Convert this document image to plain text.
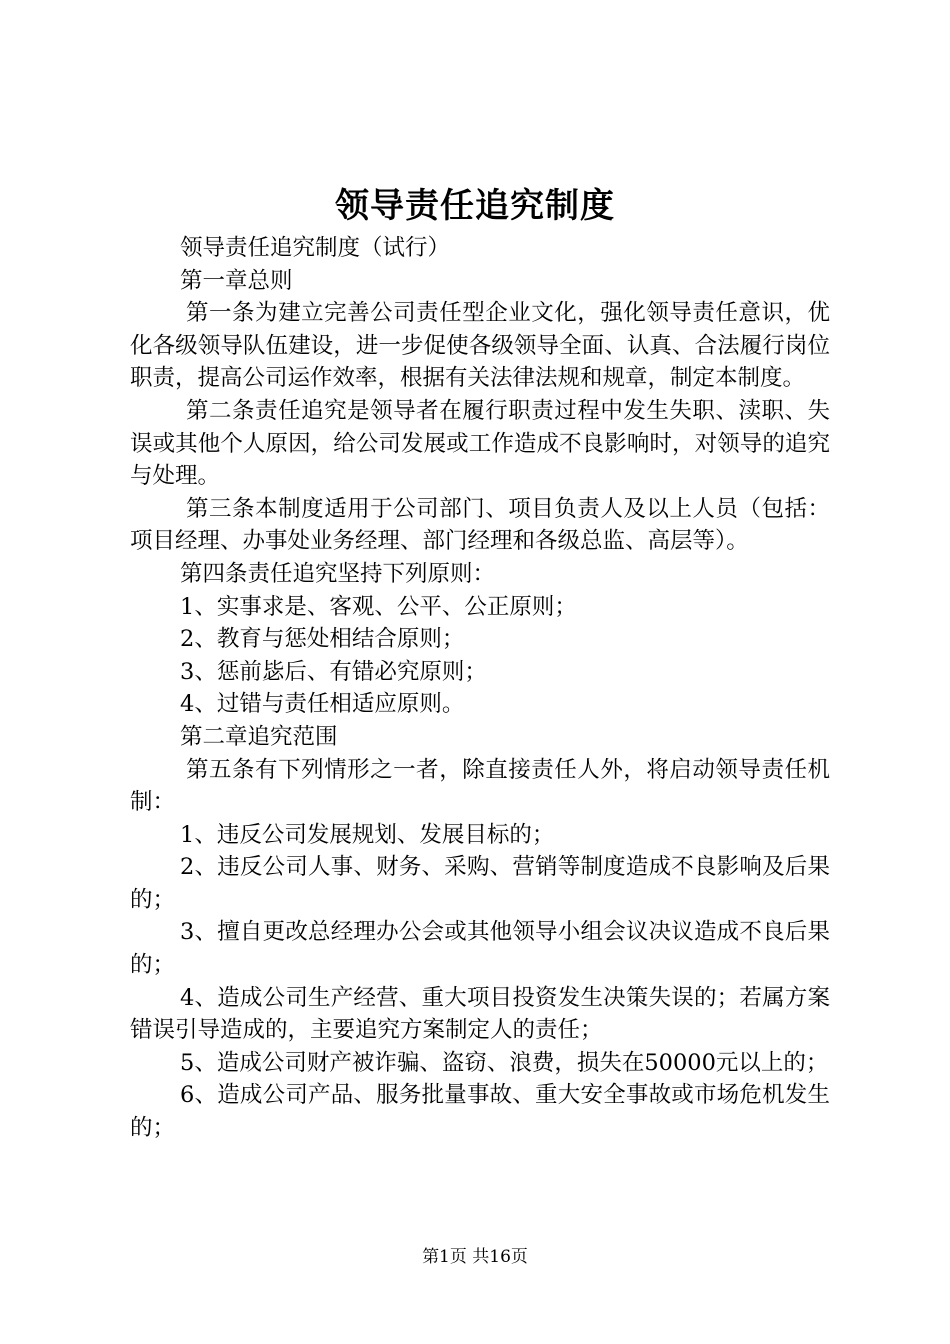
领导责任追究制度

领导责任追究制度（试行）

第一章总则

第一条为建立完善公司责任型企业文化，强化领导责任意识，优化各级领导队伍建设，进一步促使各级领导全面、认真、合法履行岗位职责，提高公司运作效率，根据有关法律法规和规章，制定本制度。

第二条责任追究是领导者在履行职责过程中发生失职、渎职、失误或其他个人原因，给公司发展或工作造成不良影响时，对领导的追究与处理。

第三条本制度适用于公司部门、项目负责人及以上人员（包括：项目经理、办事处业务经理、部门经理和各级总监、高层等）。

第四条责任追究坚持下列原则：

1、实事求是、客观、公平、公正原则；

2、教育与惩处相结合原则；

3、惩前毖后、有错必究原则；

4、过错与责任相适应原则。

第二章追究范围

第五条有下列情形之一者，除直接责任人外，将启动领导责任机制：

1、违反公司发展规划、发展目标的；

2、违反公司人事、财务、采购、营销等制度造成不良影响及后果的；

3、擅自更改总经理办公会或其他领导小组会议决议造成不良后果的；

4、造成公司生产经营、重大项目投资发生决策失误的；若属方案错误引导造成的，主要追究方案制定人的责任；

5、造成公司财产被诈骗、盗窃、浪费，损失在50000元以上的；

6、造成公司产品、服务批量事故、重大安全事故或市场危机发生的；

第1页 共16页
